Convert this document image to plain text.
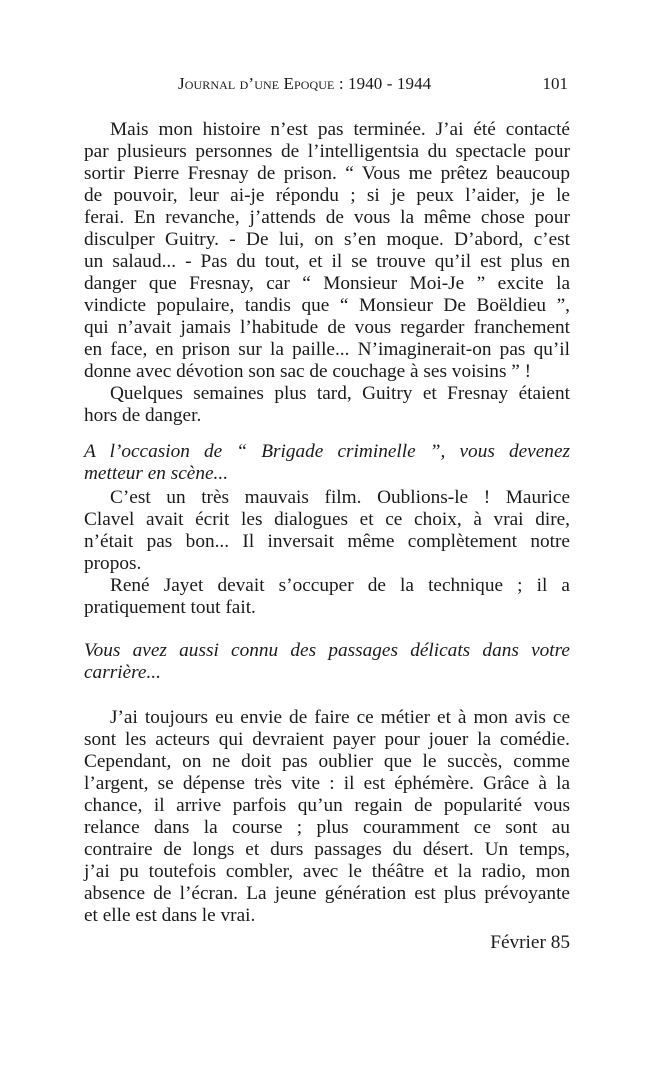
Journal d’une Epoque : 1940 - 1944	101
Mais mon histoire n’est pas terminée. J’ai été contacté
par plusieurs personnes de l’intelligentsia du spectacle pour
sortir Pierre Fresnay de prison. “ Vous me prêtez beaucoup
de pouvoir, leur ai-je répondu ; si je peux l’aider, je le
ferai. En revanche, j’attends de vous la même chose pour
disculper Guitry. - De lui, on s’en moque. D’abord, c’est
un salaud... - Pas du tout, et il se trouve qu’il est plus en
danger que Fresnay, car “ Monsieur Moi-Je ” excite la
vindicte populaire, tandis que “ Monsieur De Boëldieu ”,
qui n’avait jamais l’habitude de vous regarder franchement
en face, en prison sur la paille... N’imaginerait-on pas qu’il
donne avec dévotion son sac de couchage à ses voisins ” !
Quelques semaines plus tard, Guitry et Fresnay étaient
hors de danger.
A l’occasion de “ Brigade criminelle ”, vous devenez
metteur en scène...
C’est un très mauvais film. Oublions-le ! Maurice
Clavel avait écrit les dialogues et ce choix, à vrai dire,
n’était pas bon... Il inversait même complètement notre
propos.
René Jayet devait s’occuper de la technique ; il a
pratiquement tout fait.
Vous avez aussi connu des passages délicats dans votre
carrière...
J’ai toujours eu envie de faire ce métier et à mon avis ce
sont les acteurs qui devraient payer pour jouer la comédie.
Cependant, on ne doit pas oublier que le succès, comme
l’argent, se dépense très vite : il est éphémère. Grâce à la
chance, il arrive parfois qu’un regain de popularité vous
relance dans la course ; plus couramment ce sont au
contraire de longs et durs passages du désert. Un temps,
j’ai pu toutefois combler, avec le théâtre et la radio, mon
absence de l’écran. La jeune génération est plus prévoyante
et elle est dans le vrai.
Février 85
